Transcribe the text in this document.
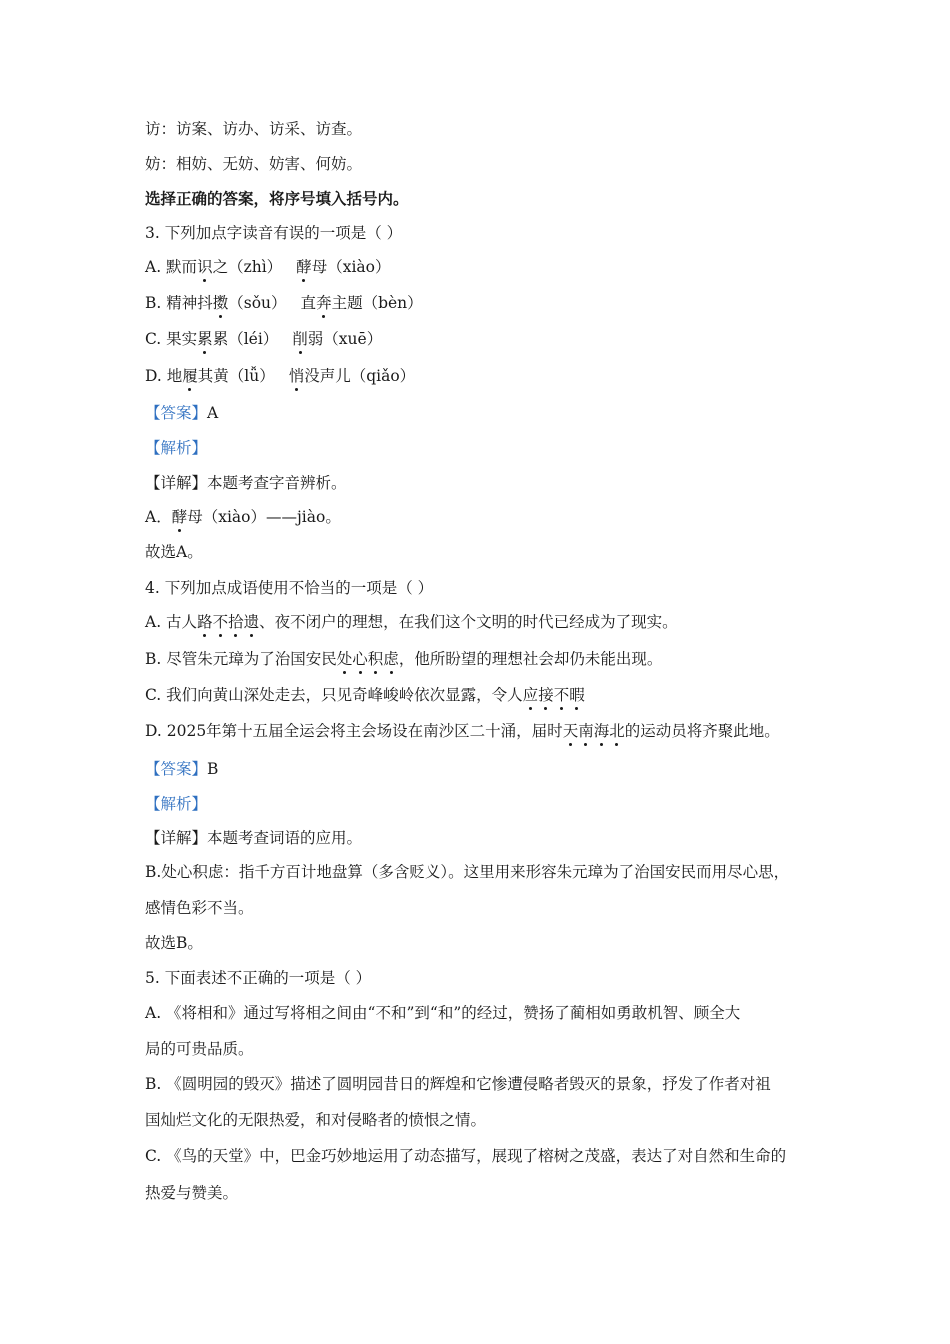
访：访案、访办、访采、访查。
妨：相妨、无妨、妨害、何妨。
选择正确的答案，将序号填入括号内。
3. 下列加点字读音有误的一项是（ ）
A. 默而识之（zhì） 酵母（xiào）
B. 精神抖擞（sǒu） 直奔主题（bèn）
C. 果实累累（léi） 削弱（xuē）
D. 地履其黄（lǚ） 悄没声儿（qiǎo）
【答案】A
【解析】
【详解】本题考查字音辨析。
A．酵母（xiào）——jiào。
故选A。
4. 下列加点成语使用不恰当的一项是（ ）
A. 古人路不拾遗、夜不闭户的理想，在我们这个文明的时代已经成为了现实。
B. 尽管朱元璋为了治国安民处心积虑，他所盼望的理想社会却仍未能出现。
C. 我们向黄山深处走去，只见奇峰峻岭依次显露，令人应接不暇
D. 2025年第十五届全运会将主会场设在南沙区二十涌，届时天南海北的运动员将齐聚此地。
【答案】B
【解析】
【详解】本题考查词语的应用。
B.处心积虑：指千方百计地盘算（多含贬义）。这里用来形容朱元璋为了治国安民而用尽心思，
感情色彩不当。
故选B。
5. 下面表述不正确的一项是（ ）
A. 《将相和》通过写将相之间由“不和”到“和”的经过，赞扬了蔺相如勇敢机智、顾全大
局的可贵品质。
B. 《圆明园的毁灭》描述了圆明园昔日的辉煌和它惨遭侵略者毁灭的景象，抒发了作者对祖
国灿烂文化的无限热爱，和对侵略者的愤恨之情。
C. 《鸟的天堂》中，巴金巧妙地运用了动态描写，展现了榕树之茂盛，表达了对自然和生命的
热爱与赞美。
